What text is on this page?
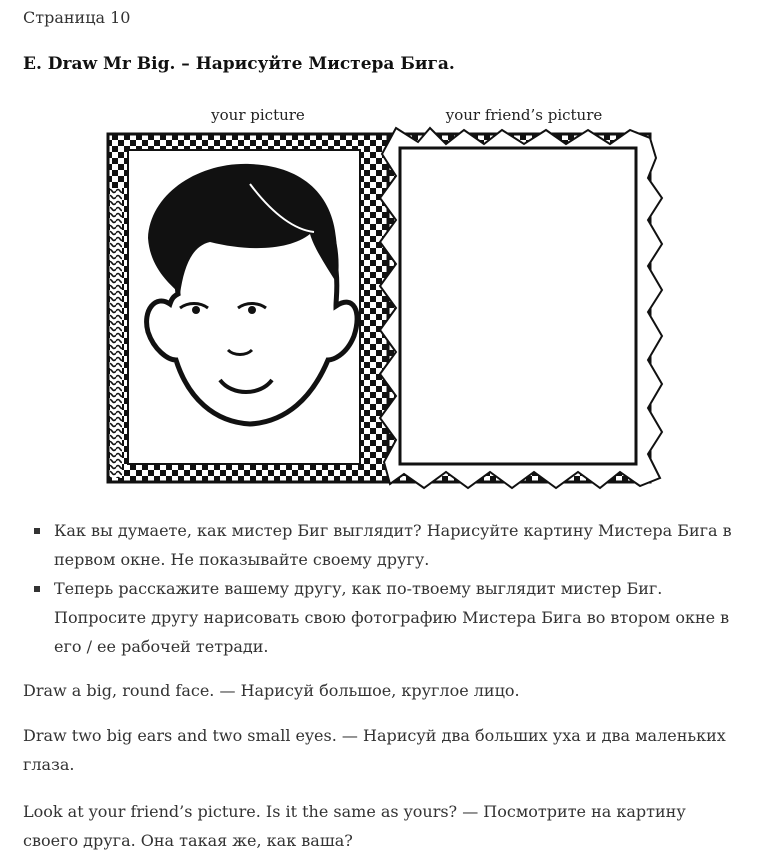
Страница 10
E. Draw Mr Big. – Нарисуйте Мистера Бига.
your picture	your friend’s picture
Как вы думаете, как мистер Биг выглядит? Нарисуйте картину Мистера Бига в первом окне. Не показывайте своему другу.
Теперь расскажите вашему другу, как по-твоему выглядит мистер Биг. Попросите другу нарисовать свою фотографию Мистера Бига во втором окне в его / ее рабочей тетради.

Draw a big, round face. — Нарисуй большое, круглое лицо.

Draw two big ears and two small eyes. — Нарисуй два больших уха и два маленьких глаза.

Look at your friend’s picture. Is it the same as yours? — Посмотрите на картину своего друга. Она такая же, как ваша?
